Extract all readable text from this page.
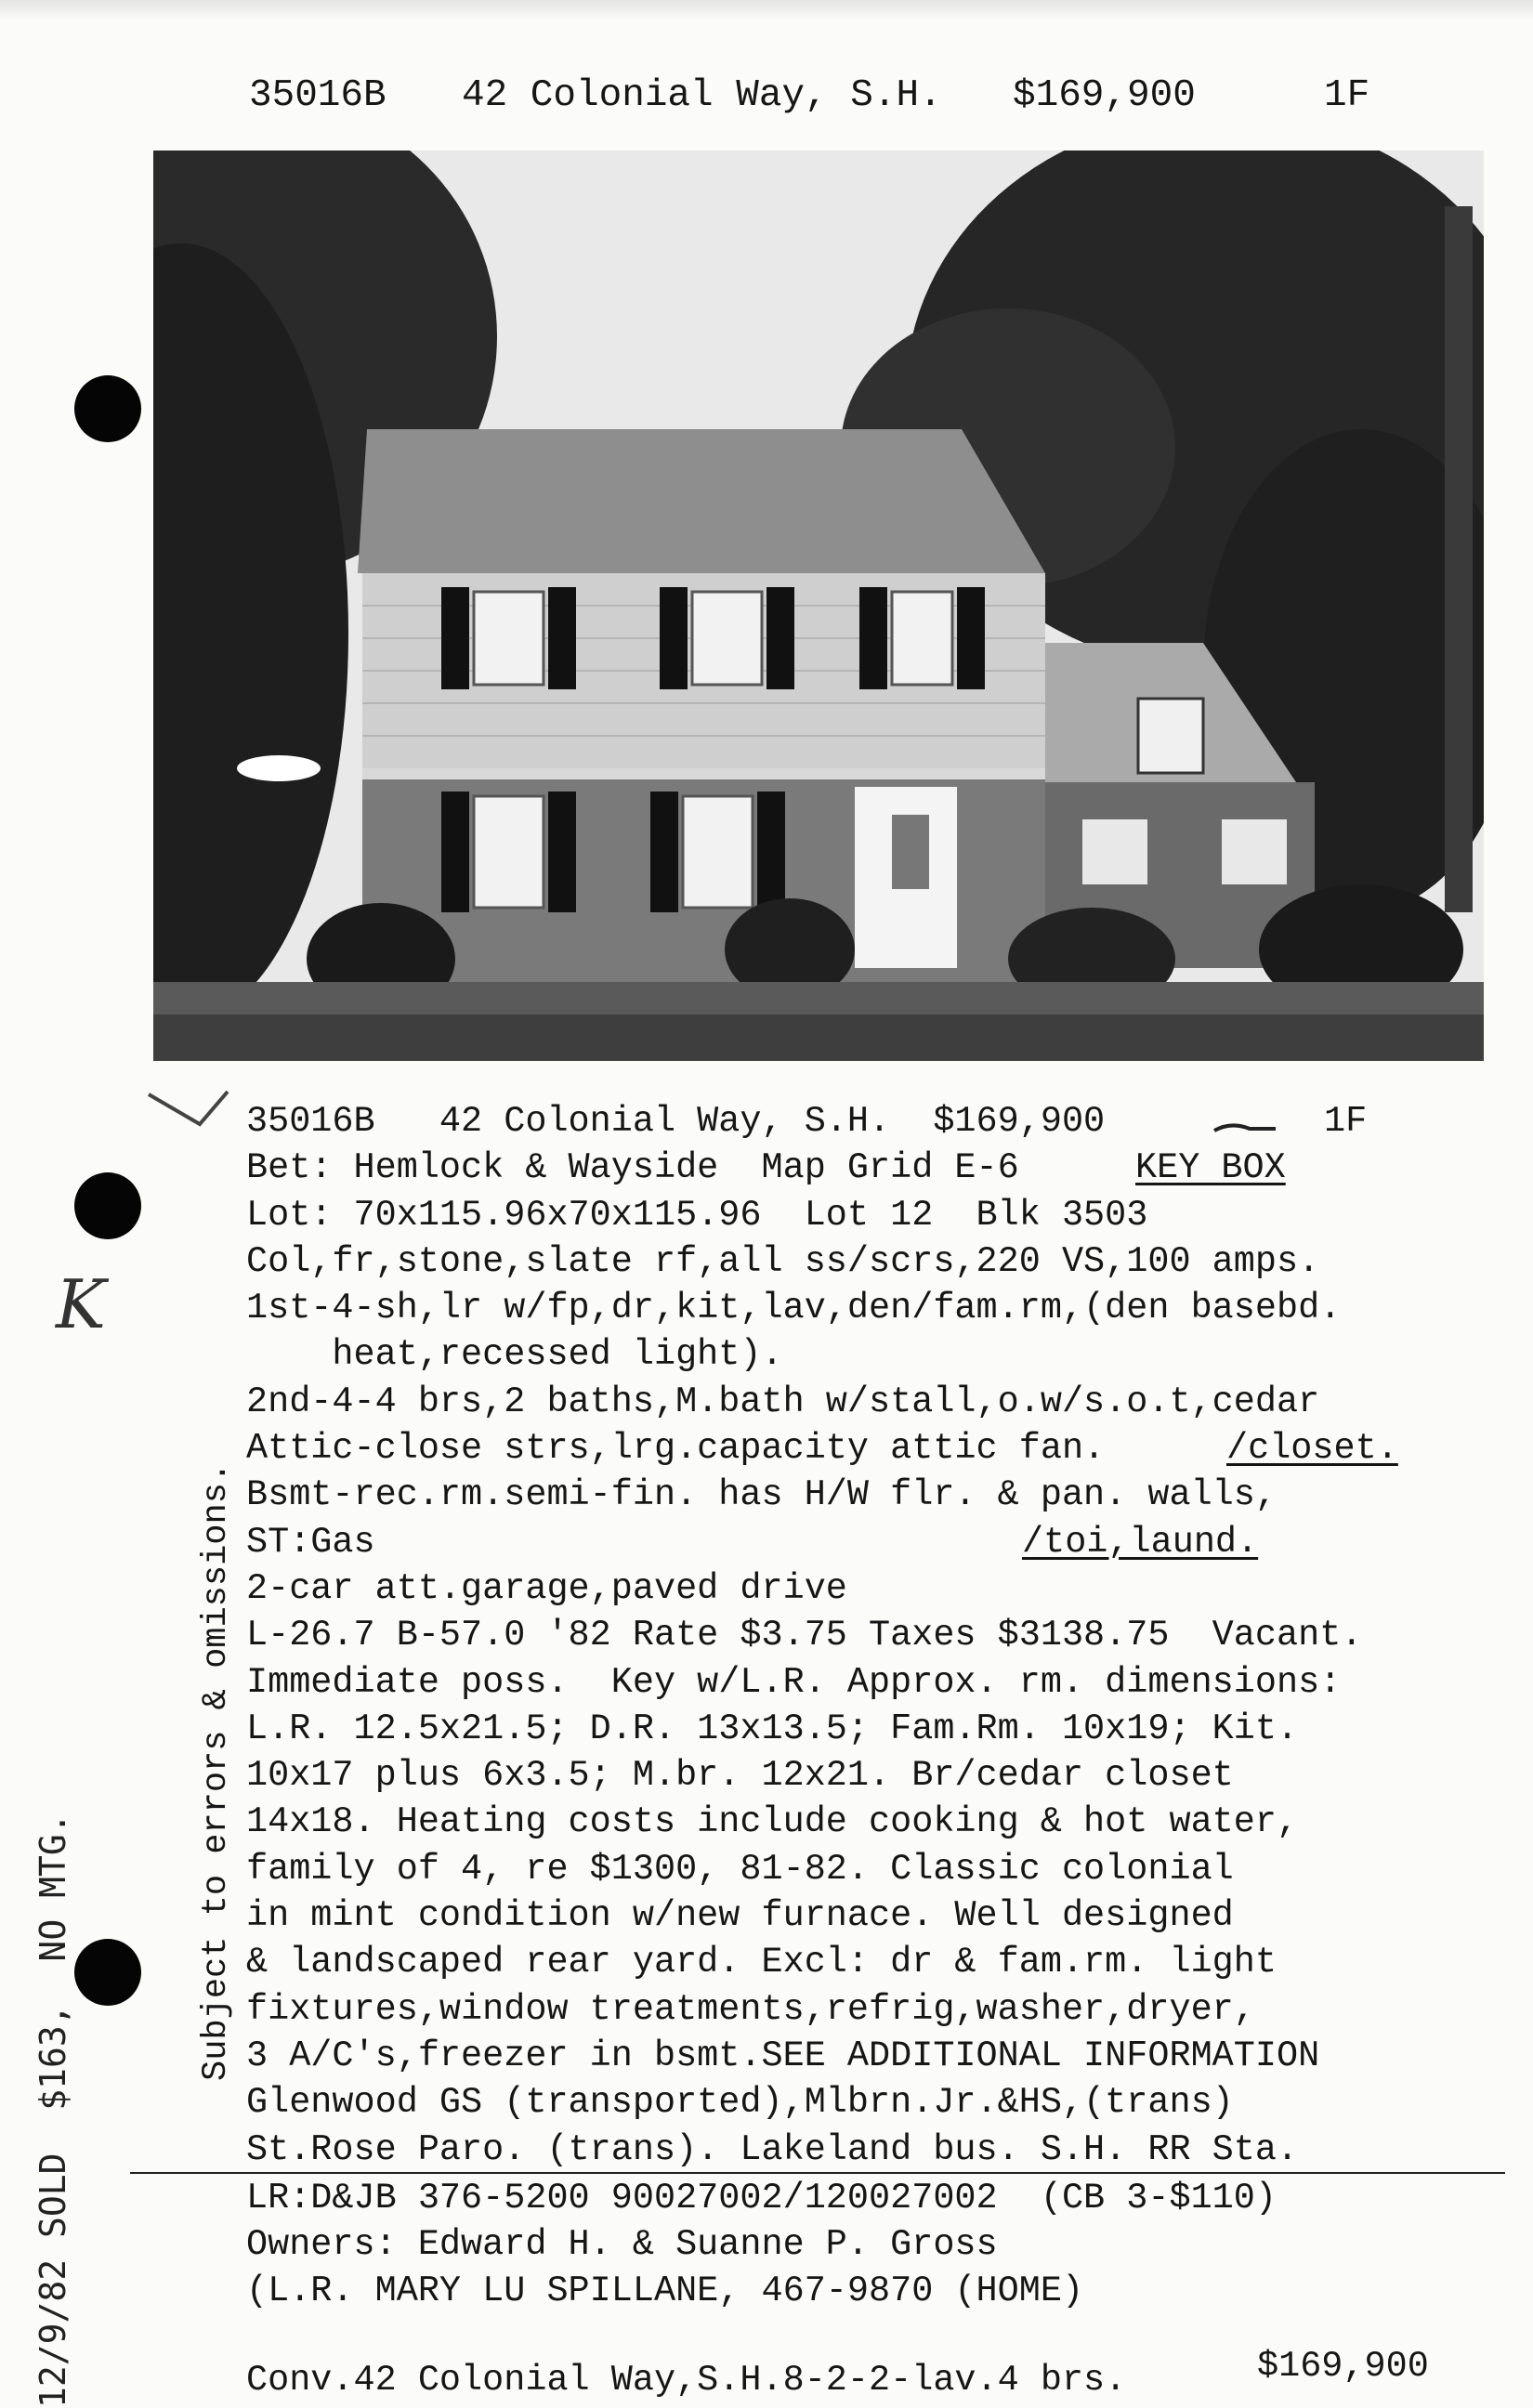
35016B

42 Colonial Way, S.H.

$169,900

	1F

35016B   42 Colonial Way, S.H.  $169,900	1F
Bet: Hemlock & Wayside  Map Grid E-6	KEY BOX
Lot: 70x115.96x70x115.96  Lot 12  Blk 3503
Col,fr,stone,slate rf,all ss/scrs,220 VS,100 amps.
1st-4-sh,lr w/fp,dr,kit,lav,den/fam.rm,(den basebd.
heat,recessed light).
2nd-4-4 brs,2 baths,M.bath w/stall,o.w/s.o.t,cedar
Attic-close strs,lrg.capacity attic fan.	/closet.
Bsmt-rec.rm.semi-fin. has H/W flr. & pan. walls,
ST:Gas	/toi,laund.
2-car att.garage,paved drive
L-26.7 B-57.0 '82 Rate $3.75 Taxes $3138.75  Vacant.
Immediate poss.  Key w/L.R. Approx. rm. dimensions:
L.R. 12.5x21.5; D.R. 13x13.5; Fam.Rm. 10x19; Kit.
10x17 plus 6x3.5; M.br. 12x21. Br/cedar closet
14x18. Heating costs include cooking & hot water,
family of 4, re $1300, 81-82. Classic colonial
in mint condition w/new furnace. Well designed
& landscaped rear yard. Excl: dr & fam.rm. light
fixtures,window treatments,refrig,washer,dryer,
3 A/C's,freezer in bsmt.SEE ADDITIONAL INFORMATION
Glenwood GS (transported),Mlbrn.Jr.&HS,(trans)
St.Rose Paro. (trans). Lakeland bus. S.H. RR Sta.
LR:D&JB 376-5200 90027002/120027002  (CB 3-$110)
Owners: Edward H. & Suanne P. Gross
(L.R. MARY LU SPILLANE, 467-9870 (HOME)
Conv.42 Colonial Way,S.H.8-2-2-lav.4 brs.	$169,900
Subject to errors & omissions.
12/9/82 SOLD  $163,  NO MTG.
K
